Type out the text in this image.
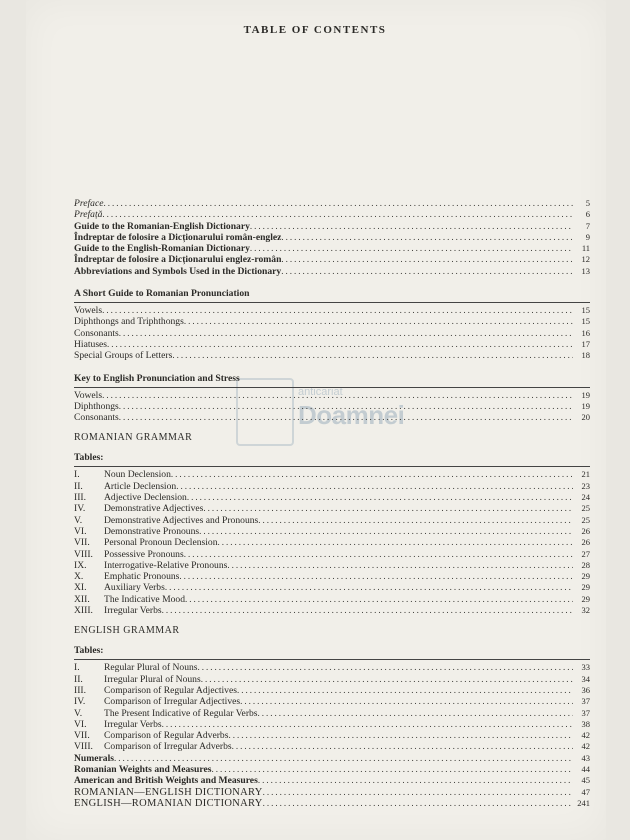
TABLE OF CONTENTS
anticariat
Doamnei
Preface .....	5
Prefață .....	6
Guide to the Romanian-English Dictionary .....	7
Îndreptar de folosire a Dicționarului român-englez .....	9
Guide to the English-Romanian Dictionary .....	11
Îndreptar de folosire a Dicționarului englez-român .....	12
Abbreviations and Symbols Used in the Dictionary .....	13
A Short Guide to Romanian Pronunciation
Vowels .....	15
Diphthongs and Triphthongs .....	15
Consonants .....	16
Hiatuses .....	17
Special Groups of Letters .....	18
Key to English Pronunciation and Stress
Vowels .....	19
Diphthongs .....	19
Consonants .....	20
ROMANIAN GRAMMAR
Tables:
I.	Noun Declension .....	21
II. Article Declension .....	23
III. Adjective Declension .....	24
IV. Demonstrative Adjectives .....	25
V. Demonstrative Adjectives and Pronouns .....	25
VI. Demonstrative Pronouns .....	26
VII. Personal Pronoun Declension .....	26
VIII. Possessive Pronouns .....	27
IX. Interrogative-Relative Pronouns .....	28
X. Emphatic Pronouns .....	29
XI. Auxiliary Verbs .....	29
XII. The Indicative Mood .....	29
XIII. Irregular Verbs .....	32
ENGLISH GRAMMAR
Tables:
I.	Regular Plural of Nouns .....	33
II. Irregular Plural of Nouns .....	34
III. Comparison of Regular Adjectives .....	36
IV. Comparison of Irregular Adjectives .....	37
V. The Present Indicative of Regular Verbs .....	37
VI. Irregular Verbs .....	38
VII. Comparison of Regular Adverbs .....	42
VIII. Comparison of Irregular Adverbs .....	42
Numerals .....	43
Romanian Weights and Measures .....	44
American and British Weights and Measures .....	45
ROMANIAN—ENGLISH DICTIONARY .....	47
ENGLISH—ROMANIAN DICTIONARY .....	241
